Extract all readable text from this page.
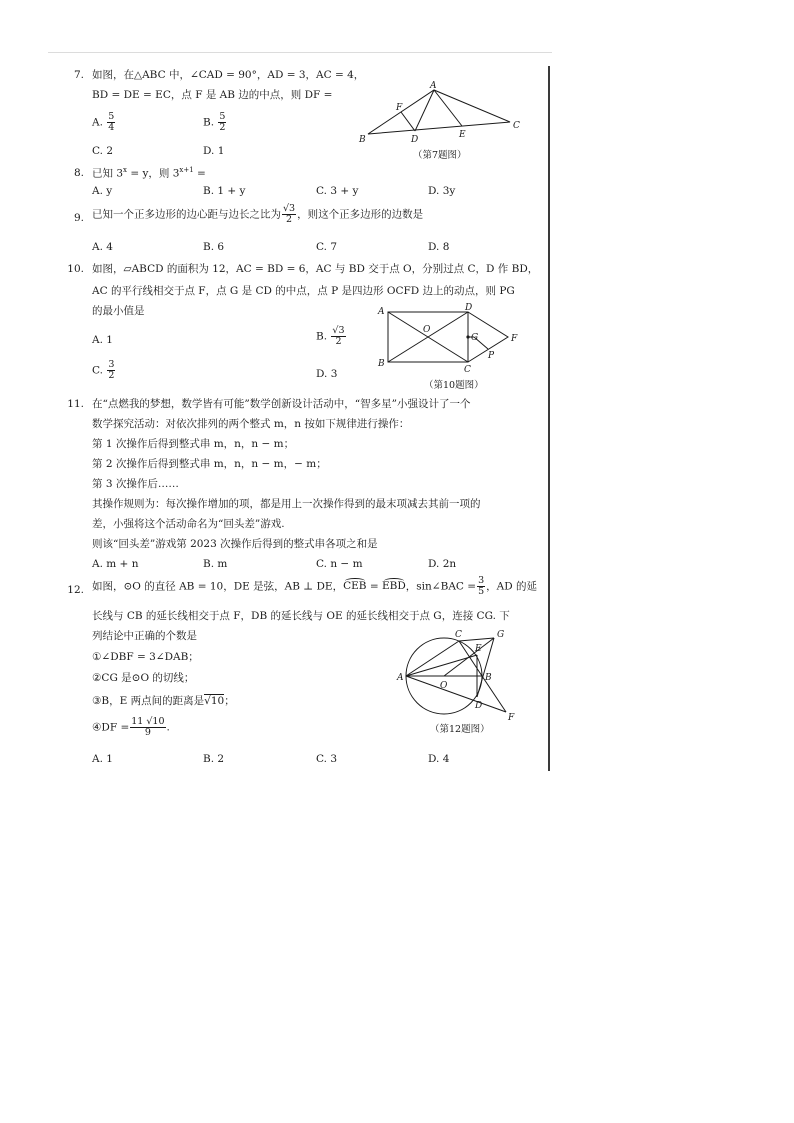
7. 如图，在△ABC 中，∠CAD = 90°，AD = 3，AC = 4，
BD = DE = EC，点 F 是 AB 边的中点，则 DF =
A. $\frac{5}{4}$	B. $\frac{5}{2}$
C. 2	D. 1
A
B
C
D	E
F
（第7题图）
8. 已知 $3^x = y$，则 $3^{x+1}$ =
A. y	B. 1 + y	C. 3 + y	D. 3y
9. 已知一个正多边形的边心距与边长之比为 $\frac{√3}{2}$ ，则这个正多边形的边数是
A. 4	B. 6	C. 7	D. 8
10. 如图，▱ABCD 的面积为 12，AC = BD = 6，AC 与 BD 交于点 O，分别过点 C，D 作 BD，
AC 的平行线相交于点 F，点 G 是 CD 的中点，点 P 是四边形 OCFD 边上的动点，则 PG
的最小值是
A. 1	B. $\frac{√3}{2}$
C. $\frac{3}{2}$	D. 3
A
B
C
D
O
G	F
P
（第10题图）
11. 在“点燃我的梦想，数学皆有可能”数学创新设计活动中，“智多星”小强设计了一个
数学探究活动：对依次排列的两个整式 m，n 按如下规律进行操作：
第 1 次操作后得到整式串 m，n，n − m；
第 2 次操作后得到整式串 m，n，n − m，− m；
第 3 次操作后……
其操作规则为：每次操作增加的项，都是用上一次操作得到的最末项减去其前一项的
差，小强将这个活动命名为“回头差”游戏.
则该“回头差”游戏第 2023 次操作后得到的整式串各项之和是
A. m + n	B. m	C. n − m	D. 2n
12. 如图，⊙O 的直径 AB = 10，DE 是弦，AB ⊥ DE，
CEB =
EBD，sin∠BAC = $\frac{3}{5}$ ，AD 的延
长线与 CB 的延长线相交于点 F，DB 的延长线与 OE 的延长线相交于点 G，连接 CG. 下
列结论中正确的个数是
①∠DBF = 3∠DAB；
②CG 是⊙O 的切线；
③B，E 两点间的距离是√10；
④DF = $\frac{11 √10}{9}$ .
A. 1	B. 2	C. 3	D. 4
A	B
C
D
E
F
G
O
（第12题图）
